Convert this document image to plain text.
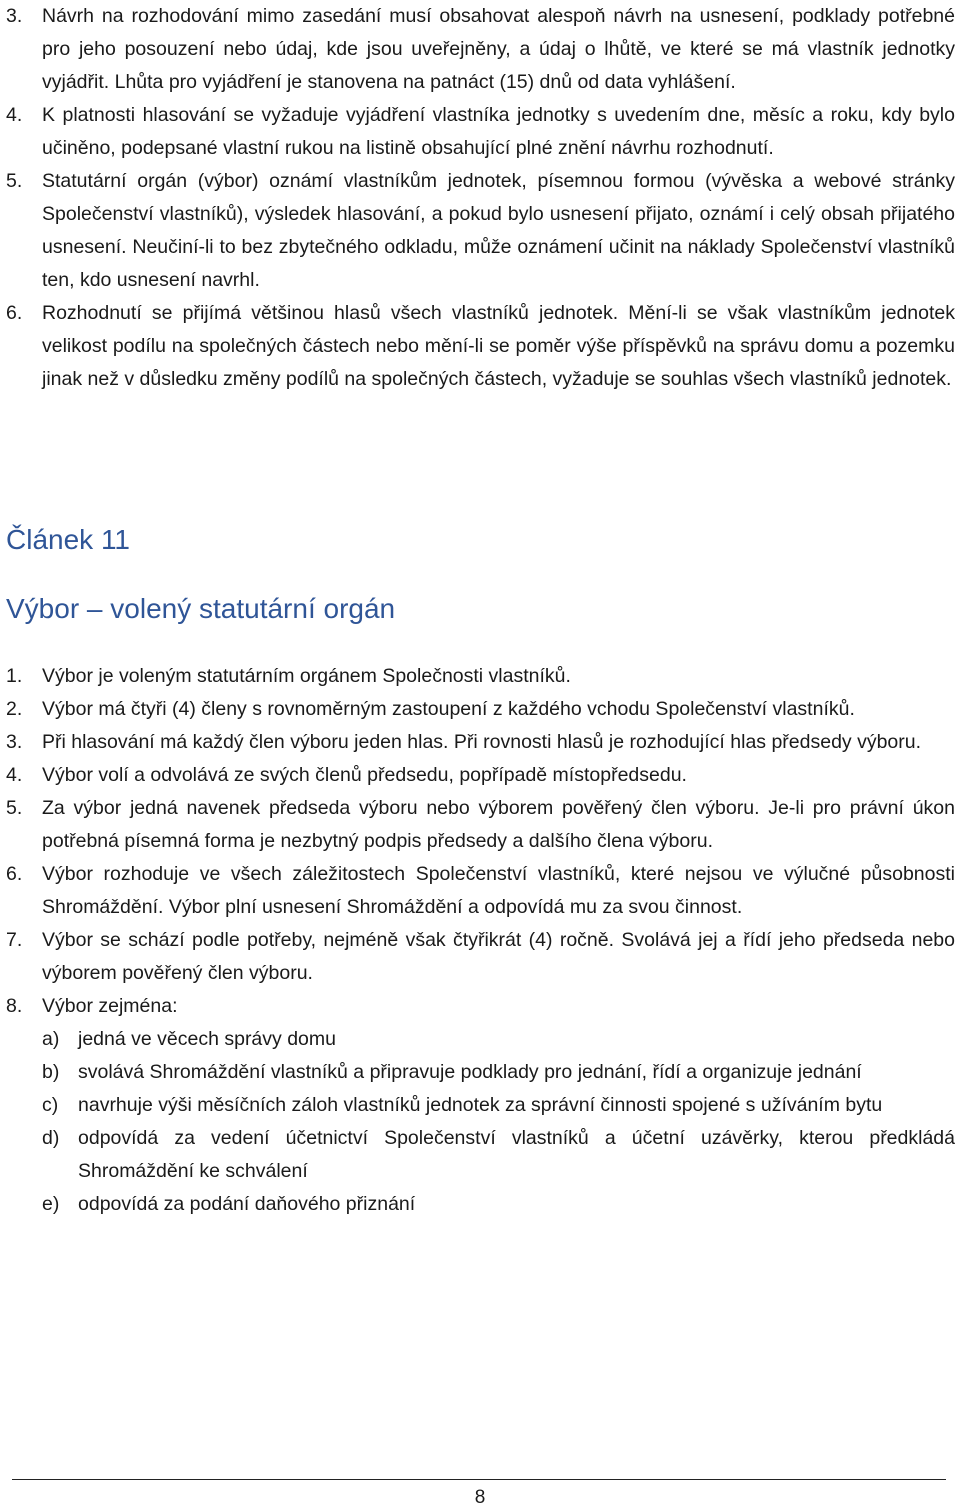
3.	Návrh na rozhodování mimo zasedání musí obsahovat alespoň návrh na usnesení, podklady potřebné pro jeho posouzení nebo údaj, kde jsou uveřejněny, a údaj o lhůtě, ve které se má vlastník jednotky vyjádřit. Lhůta pro vyjádření je stanovena na patnáct (15) dnů od data vyhlášení.
4.	K platnosti hlasování se vyžaduje vyjádření vlastníka jednotky s uvedením dne, měsíc a roku, kdy bylo učiněno, podepsané vlastní rukou na listině obsahující plné znění návrhu rozhodnutí.
5.	Statutární orgán (výbor) oznámí vlastníkům jednotek, písemnou formou (vývěska a webové stránky Společenství vlastníků), výsledek hlasování, a pokud bylo usnesení přijato, oznámí i celý obsah přijatého usnesení. Neučiní-li to bez zbytečného odkladu, může oznámení učinit na náklady Společenství vlastníků ten, kdo usnesení navrhl.
6.	Rozhodnutí se přijímá většinou hlasů všech vlastníků jednotek. Mění-li se však vlastníkům jednotek velikost podílu na společných částech nebo mění-li se poměr výše příspěvků na správu domu a pozemku jinak než v důsledku změny podílů na společných částech, vyžaduje se souhlas všech vlastníků jednotek.
Článek 11
Výbor – volený statutární orgán
1.	Výbor je voleným statutárním orgánem Společnosti vlastníků.
2.	Výbor má čtyři (4) členy s rovnoměrným zastoupení z každého vchodu Společenství vlastníků.
3.	Při hlasování má každý člen výboru jeden hlas. Při rovnosti hlasů je rozhodující hlas předsedy výboru.
4.	Výbor volí a odvolává ze svých členů předsedu, popřípadě místopředsedu.
5.	Za výbor jedná navenek předseda výboru nebo výborem pověřený člen výboru. Je-li pro právní úkon potřebná písemná forma je nezbytný podpis předsedy a dalšího člena výboru.
6.	Výbor rozhoduje ve všech záležitostech Společenství vlastníků, které nejsou ve výlučné působnosti Shromáždění. Výbor plní usnesení Shromáždění a odpovídá mu za svou činnost.
7.	Výbor se schází podle potřeby, nejméně však čtyřikrát (4) ročně. Svolává jej a řídí jeho předseda nebo výborem pověřený člen výboru.
8.	Výbor zejména:
a) jedná ve věcech správy domu
b) svolává Shromáždění vlastníků a připravuje podklady pro jednání, řídí a organizuje jednání
c)	navrhuje výši měsíčních záloh vlastníků jednotek za správní činnosti spojené s užíváním bytu
d) odpovídá za vedení účetnictví Společenství vlastníků a účetní uzávěrky, kterou předkládá Shromáždění ke schválení
e) odpovídá za podání daňového přiznání
8
